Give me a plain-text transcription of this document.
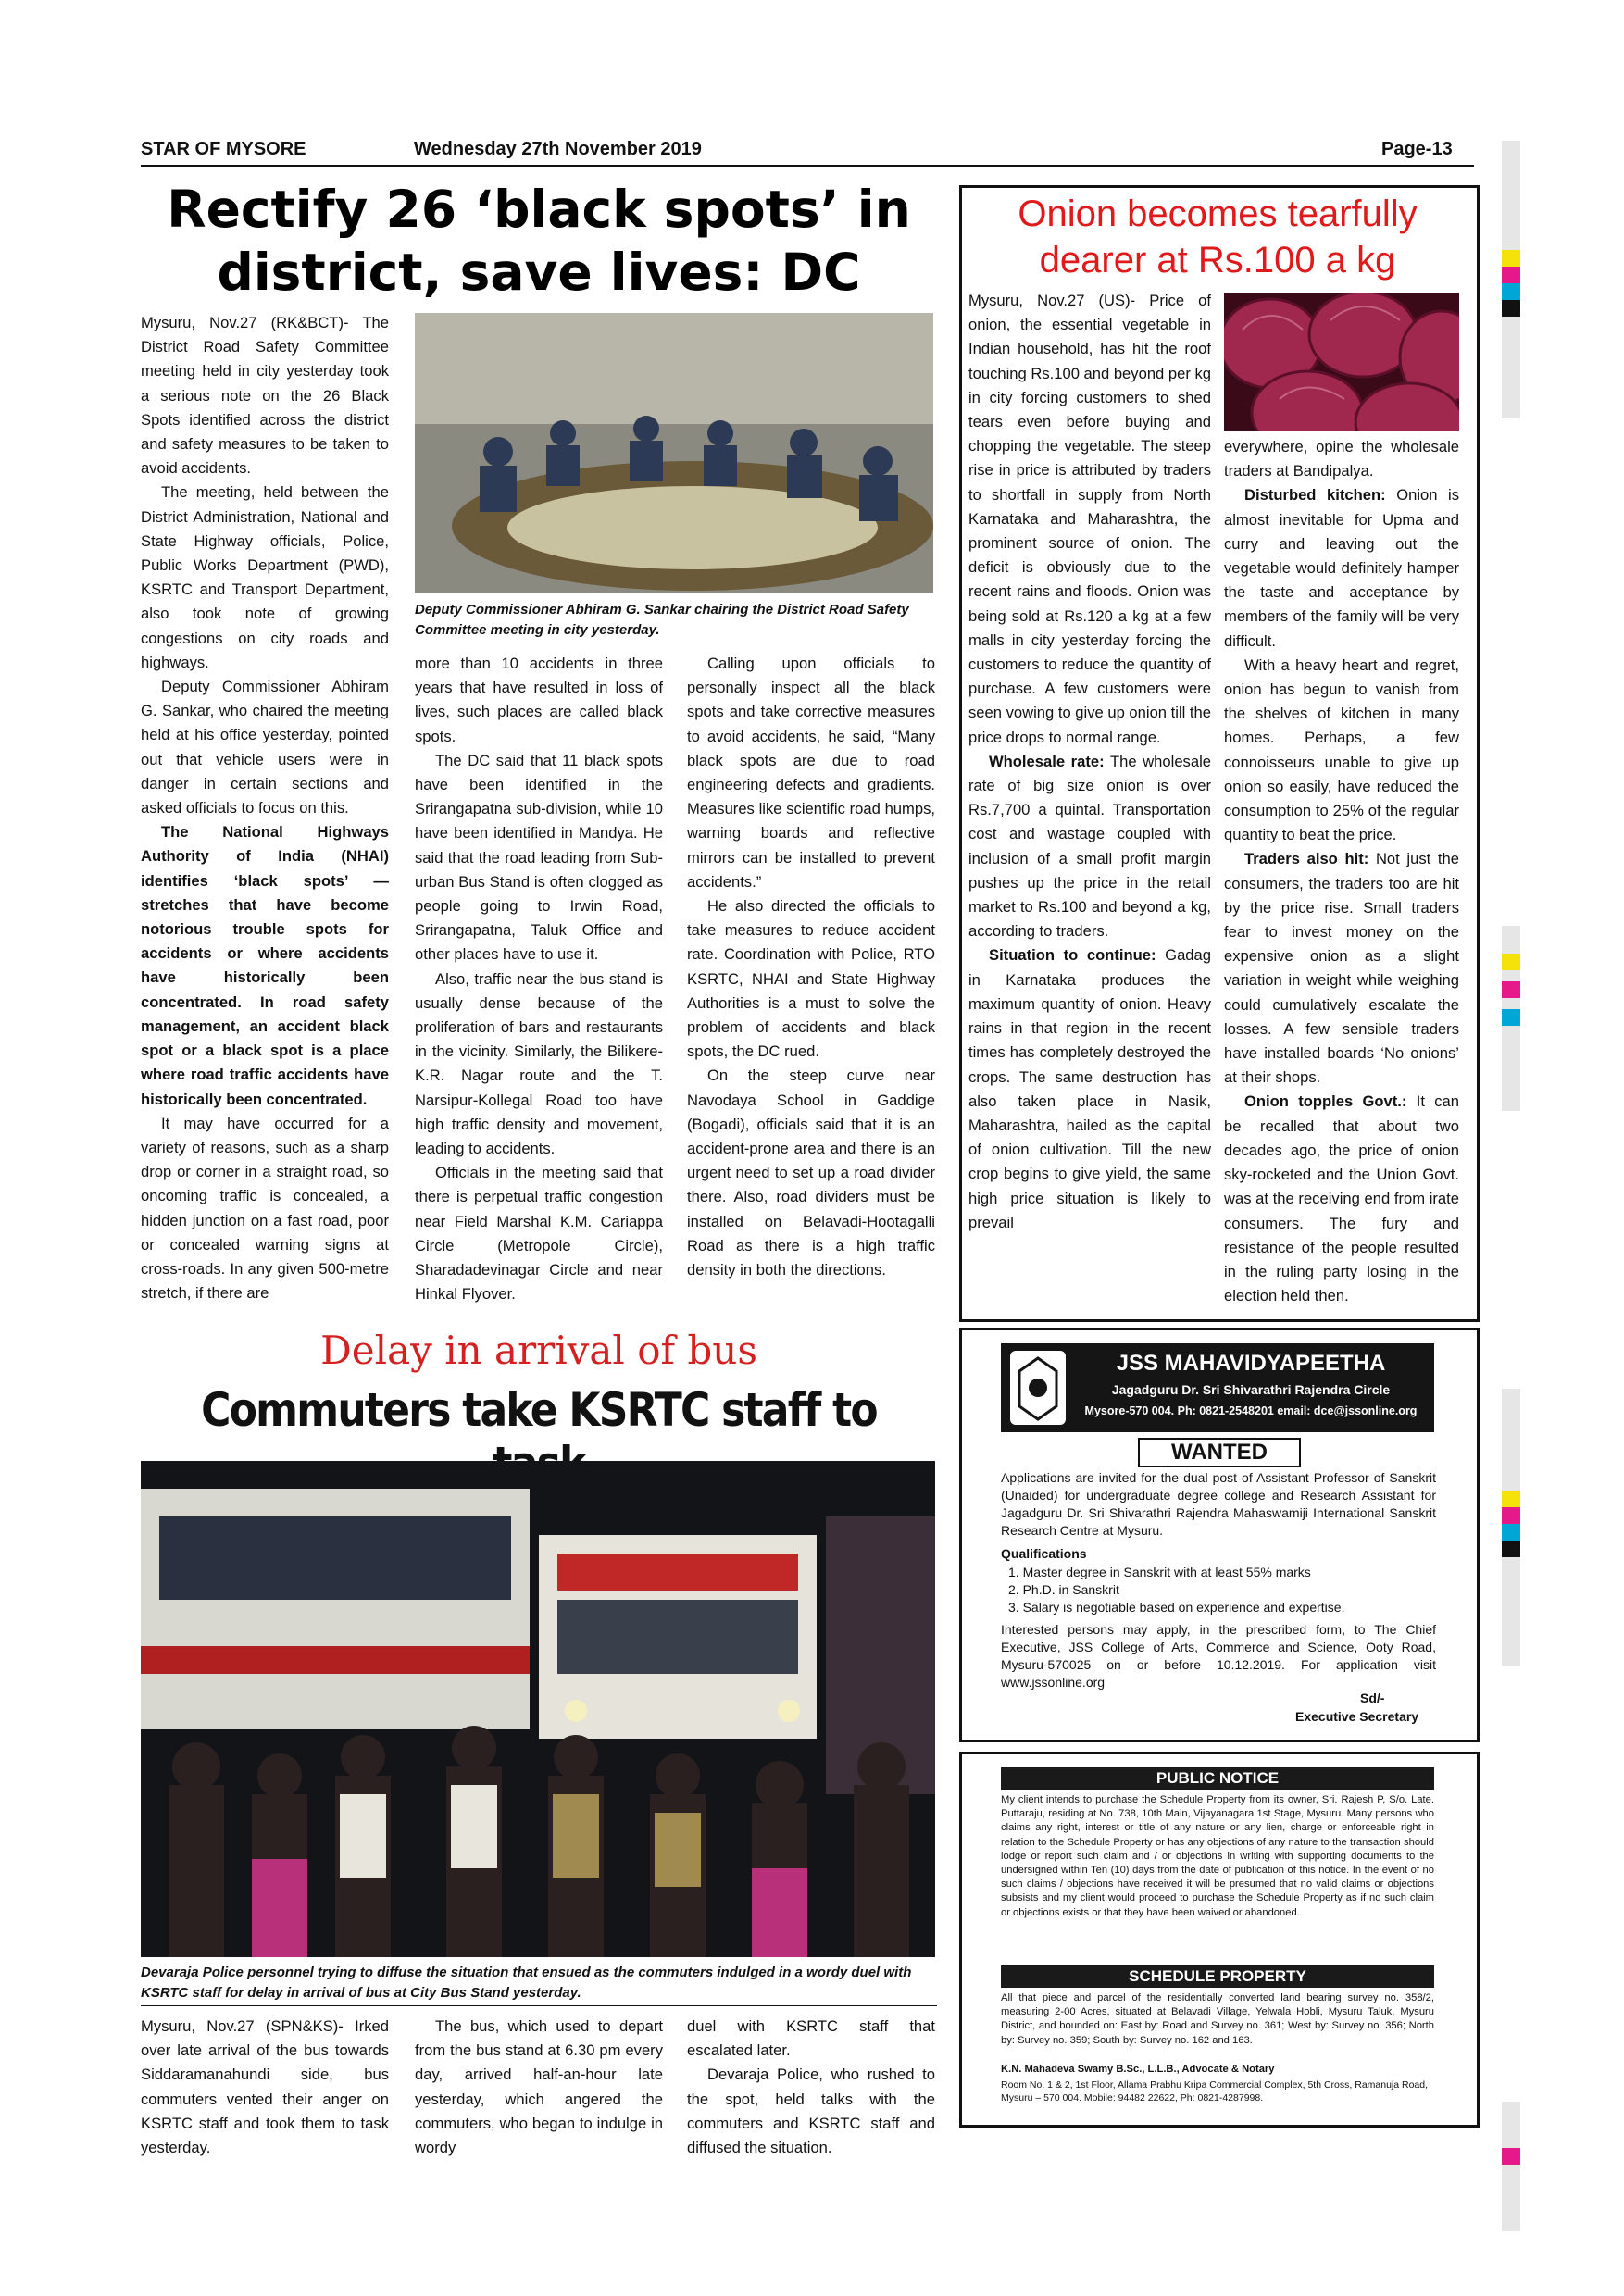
STAR OF MYSORE	Wednesday 27th November 2019	Page-13
Rectify 26 ‘black spots’ in
district, save lives: DC

Mysuru, Nov.27 (RK&BCT)- The District Road Safety Committee meeting held in city yesterday took a serious note on the 26 Black Spots identified across the district and safety measures to be taken to avoid accidents.

The meeting, held between the District Administration, National and State Highway officials, Police, Public Works Department (PWD), KSRTC and Transport Department, also took note of growing congestions on city roads and highways.

Deputy Commissioner Abhiram G. Sankar, who chaired the meeting held at his office yesterday, pointed out that vehicle users were in danger in certain sections and asked officials to focus on this.

The National Highways Authority of India (NHAI) identifies ‘black spots’ — stretches that have become notorious trouble spots for accidents or where accidents have historically been concentrated. In road safety management, an accident black spot or a black spot is a place where road traffic accidents have historically been concentrated.

It may have occurred for a variety of reasons, such as a sharp drop or corner in a straight road, so oncoming traffic is concealed, a hidden junction on a fast road, poor or concealed warning signs at cross-roads. In any given 500-metre stretch, if there are

Deputy Commissioner Abhiram G. Sankar chairing the District Road Safety Committee meeting in city yesterday.

more than 10 accidents in three years that have resulted in loss of lives, such places are called black spots.

The DC said that 11 black spots have been identified in the Srirangapatna sub-division, while 10 have been identified in Mandya. He said that the road leading from Sub-urban Bus Stand is often clogged as people going to Irwin Road, Srirangapatna, Taluk Office and other places have to use it.

Also, traffic near the bus stand is usually dense because of the proliferation of bars and restaurants in the vicinity. Similarly, the Bilikere-K.R. Nagar route and the T. Narsipur-Kollegal Road too have high traffic density and movement, leading to accidents.

Officials in the meeting said that there is perpetual traffic congestion near Field Marshal K.M. Cariappa Circle (Metropole Circle), Sharadadevinagar Circle and near Hinkal Flyover.

Calling upon officials to personally inspect all the black spots and take corrective measures to avoid accidents, he said, “Many black spots are due to road engineering defects and gradients. Measures like scientific road humps, warning boards and reflective mirrors can be installed to prevent accidents.”

He also directed the officials to take measures to reduce accident rate. Coordination with Police, RTO KSRTC, NHAI and State Highway Authorities is a must to solve the problem of accidents and black spots, the DC rued.

On the steep curve near Navodaya School in Gaddige (Bogadi), officials said that it is an accident-prone area and there is an urgent need to set up a road divider there. Also, road dividers must be installed on Belavadi-Hootagalli Road as there is a high traffic density in both the directions.

Onion becomes tearfully
dearer at Rs.100 a kg

Mysuru, Nov.27 (US)- Price of onion, the essential vegetable in Indian household, has hit the roof touching Rs.100 and beyond per kg in city forcing customers to shed tears even before buying and chopping the vegetable. The steep rise in price is attributed by traders to shortfall in supply from North Karnataka and Maharashtra, the prominent source of onion. The deficit is obviously due to the recent rains and floods. Onion was being sold at Rs.120 a kg at a few malls in city yesterday forcing the customers to reduce the quantity of purchase. A few customers were seen vowing to give up onion till the price drops to normal range.

Wholesale rate: The wholesale rate of big size onion is over Rs.7,700 a quintal. Transportation cost and wastage coupled with inclusion of a small profit margin pushes up the price in the retail market to Rs.100 and beyond a kg, according to traders.

Situation to continue: Gadag in Karnataka produces the maximum quantity of onion. Heavy rains in that region in the recent times has completely destroyed the crops. The same destruction has also taken place in Nasik, Maharashtra, hailed as the capital of onion cultivation. Till the new crop begins to give yield, the same high price situation is likely to prevail

everywhere, opine the wholesale traders at Bandipalya.

Disturbed kitchen: Onion is almost inevitable for Upma and curry and leaving out the vegetable would definitely hamper the taste and acceptance by members of the family will be very difficult.

With a heavy heart and regret, onion has begun to vanish from the shelves of kitchen in many homes. Perhaps, a few connoisseurs unable to give up onion so easily, have reduced the consumption to 25% of the regular quantity to beat the price.

Traders also hit: Not just the consumers, the traders too are hit by the price rise. Small traders fear to invest money on the expensive onion as a slight variation in weight while weighing could cumulatively escalate the losses. A few sensible traders have installed boards ‘No onions’ at their shops.

Onion topples Govt.: It can be recalled that about two decades ago, the price of onion sky-rocketed and the Union Govt. was at the receiving end from irate consumers. The fury and resistance of the people resulted in the ruling party losing in the election held then.

Delay in arrival of bus
Commuters take KSRTC staff to
Devaraja Police personnel trying to diffuse the situation that ensued as the commuters indulged in a wordy duel with KSRTC staff for delay in arrival of bus at City Bus Stand yesterday.

Mysuru, Nov.27 (SPN&KS)- Irked over late arrival of the bus towards Siddaramanahundi side, bus commuters vented their anger on KSRTC staff and took them to task yesterday.

The bus, which used to depart from the bus stand at 6.30 pm every day, arrived half-an-hour late yesterday, which angered the commuters, who began to indulge in wordy

duel with KSRTC staff that escalated later.

Devaraja Police, who rushed to the spot, held talks with the commuters and KSRTC staff and diffused the situation.

JSS MAHAVIDYAPEETHA
Jagadguru Dr. Sri Shivarathri Rajendra Circle
Mysore-570 004. Ph: 0821-2548201 email: dce@jssonline.org
WANTED
Applications are invited for the dual post of Assistant Professor of Sanskrit (Unaided) for undergraduate degree college and Research Assistant for Jagadguru Dr. Sri Shivarathri Rajendra Mahaswamiji International Sanskrit Research Centre at Mysuru.
Qualifications
1. Master degree in Sanskrit with at least 55% marks
2. Ph.D. in Sanskrit
3. Salary is negotiable based on experience and expertise.
Interested persons may apply, in the prescribed form, to The Chief Executive, JSS College of Arts, Commerce and Science, Ooty Road, Mysuru-570025 on or before 10.12.2019. For application visit www.jssonline.org
Sd/-
Executive Secretary
PUBLIC NOTICE
My client intends to purchase the Schedule Property from its owner, Sri. Rajesh P, S/o. Late. Puttaraju, residing at No. 738, 10th Main, Vijayanagara 1st Stage, Mysuru. Many persons who claims any right, interest or title of any nature or any lien, charge or enforceable right in relation to the Schedule Property or has any objections of any nature to the transaction should lodge or report such claim and / or objections in writing with supporting documents to the undersigned within Ten (10) days from the date of publication of this notice. In the event of no such claims / objections have received it will be presumed that no valid claims or objections subsists and my client would proceed to purchase the Schedule Property as if no such claim or objections exists or that they have been waived or abandoned.
SCHEDULE PROPERTY
All that piece and parcel of the residentially converted land bearing survey no. 358/2, measuring 2-00 Acres, situated at Belavadi Village, Yelwala Hobli, Mysuru Taluk, Mysuru District, and bounded on: East by: Road and Survey no. 361; West by: Survey no. 356; North by: Survey no. 359; South by: Survey no. 162 and 163.
K.N. Mahadeva Swamy B.Sc., L.L.B., Advocate & Notary
Room No. 1 & 2, 1st Floor, Allama Prabhu Kripa Commercial Complex, 5th Cross, Ramanuja Road, Mysuru – 570 004. Mobile: 94482 22622, Ph: 0821-4287998.
